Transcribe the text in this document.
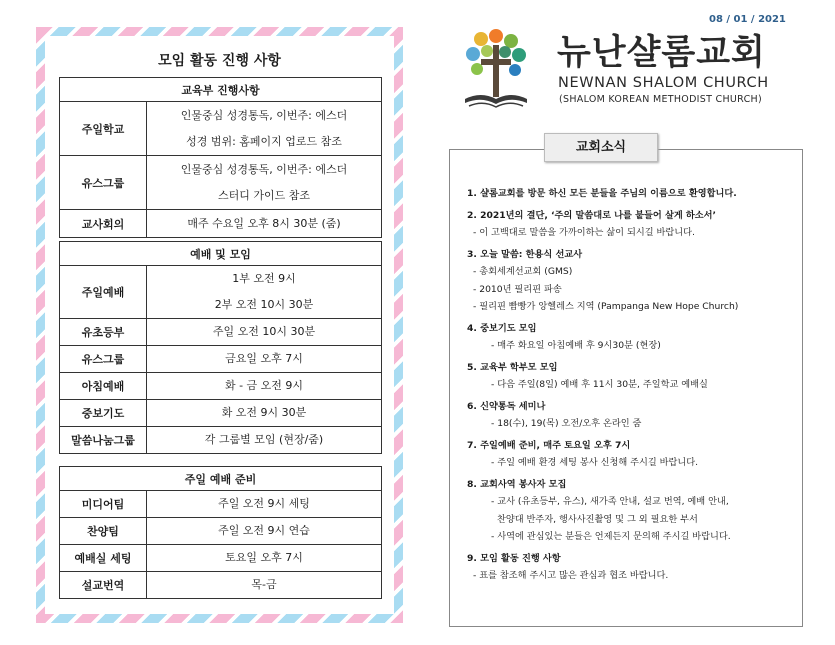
모임 활동 진행 사항
교육부 진행사항	
주일학교	인물중심 성경통독, 이번주: 에스더
성경 범위: 홈페이지 업로드 참조

유스그룹	인물중심 성경통독, 이번주: 에스더
스터디 가이드 참조

교사회의	매주 수요일 오후 8시 30분 (줌)
예배 및 모임	
주일예배	1부 오전 9시
2부 오전 10시 30분

유초등부	주일 오전 10시 30분
유스그룹	금요일 오후 7시
아침예배	화 - 금 오전 9시
중보기도	화 오전 9시 30분
말씀나눔그룹	각 그룹별 모임 (현장/줌)
주일 예배 준비	
미디어팀	주일 오전 9시 세팅
찬양팀	주일 오전 9시 연습
예배실 세팅	토요일 오후 7시
설교번역	목-금
08 / 01 / 2021
뉴난샬롬교회
NEWNAN SHALOM CHURCH
(SHALOM KOREAN METHODIST CHURCH)
교회소식
1. 샬롬교회를 방문 하신 모든 분들을 주님의 이름으로 환영합니다.
2. 2021년의 결단, ‘주의 말씀대로 나를 붙들어 살게 하소서’
- 이 고백대로 말씀을 가까이하는 삶이 되시길 바랍니다.
3. 오늘 말씀: 한용식 선교사
- 총회세계선교회 (GMS)
- 2010년 필리핀 파송
- 필리핀 빰빵가 앙헬레스 지역 (Pampanga New Hope Church)
4. 중보기도 모임
- 매주 화요일 아침예배 후 9시30분 (현장)
5. 교육부 학부모 모임
- 다음 주일(8일) 예배 후 11시 30분, 주일학교 예배실
6. 신약통독 세미나
- 18(수), 19(목) 오전/오후 온라인 줌
7. 주일예배 준비, 매주 토요일 오후 7시
- 주일 예배 환경 세팅 봉사 신청해 주시길 바랍니다.
8. 교회사역 봉사자 모집
- 교사 (유초등부, 유스), 새가족 안내, 설교 번역, 예배 안내,
찬양대 반주자, 행사사진촬영 및 그 외 필요한 부서
- 사역에 관심있는 분들은 언제든지 문의해 주시길 바랍니다.
9. 모임 활동 진행 사항
- 표를 참조해 주시고 많은 관심과 협조 바랍니다.
